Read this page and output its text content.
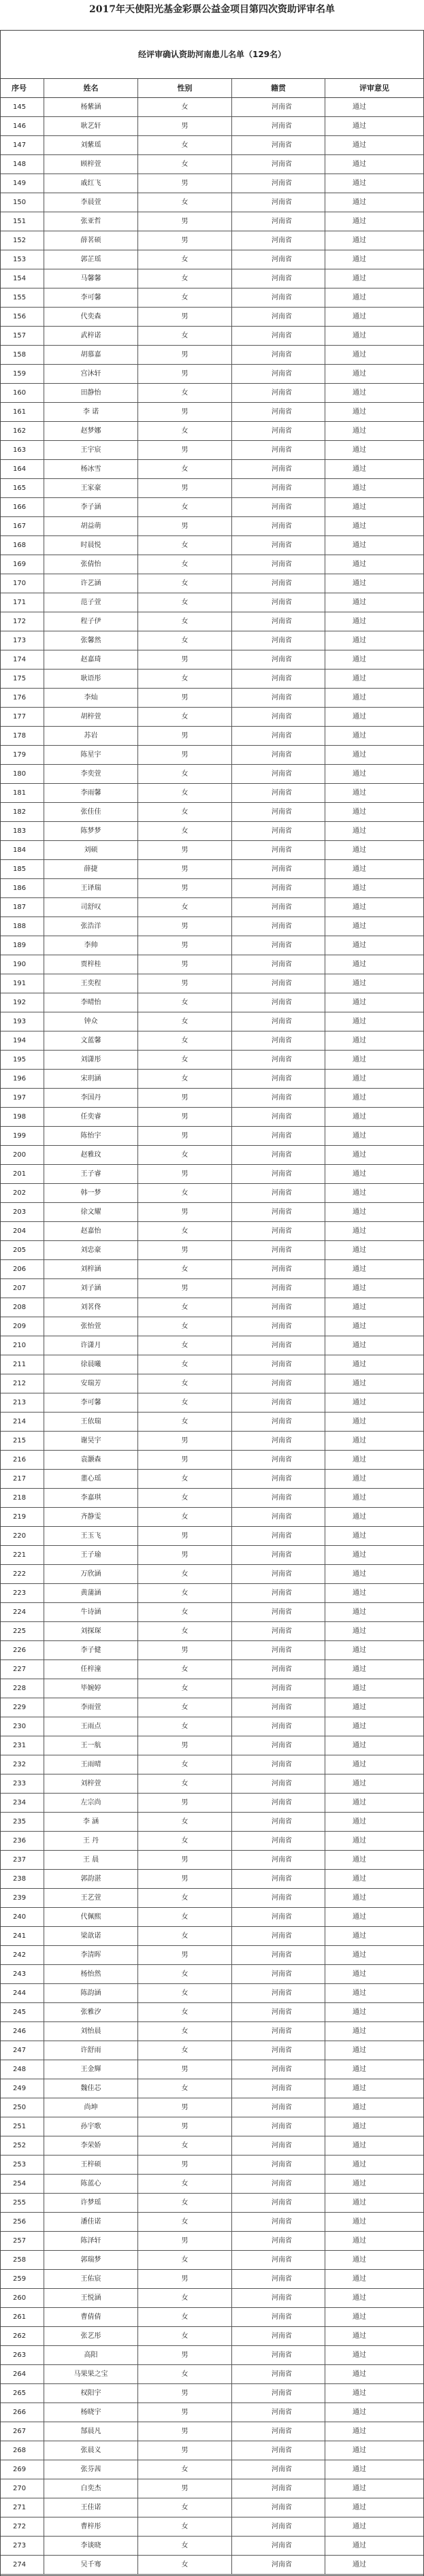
2017年天使阳光基金彩票公益金项目第四次资助评审名单
经评审确认资助河南患儿名单（129名）
序号	姓名	性别	籍贯	评审意见
145	杨紫涵	女	河南省	通过
146	耿艺轩	男	河南省	通过
147	刘紫瑶	女	河南省	通过
148	顾梓萱	女	河南省	通过
149	戚红飞	男	河南省	通过
150	李晨萱	女	河南省	通过
151	张亚哲	男	河南省	通过
152	薛茗硕	男	河南省	通过
153	郭芷瑶	女	河南省	通过
154	马馨馨	女	河南省	通过
155	李可馨	女	河南省	通过
156	代奕森	男	河南省	通过
157	武梓诺	女	河南省	通过
158	胡慕嘉	男	河南省	通过
159	宫沐轩	男	河南省	通过
160	田静怡	女	河南省	通过
161	李 诺	男	河南省	通过
162	赵梦娜	女	河南省	通过
163	王宇宸	男	河南省	通过
164	杨冰雪	女	河南省	通过
165	王家豪	男	河南省	通过
166	李子涵	女	河南省	通过
167	胡益萌	男	河南省	通过
168	时晨悦	女	河南省	通过
169	张倩怡	女	河南省	通过
170	许艺涵	女	河南省	通过
171	范子萱	女	河南省	通过
172	程子伊	女	河南省	通过
173	张馨然	女	河南省	通过
174	赵嘉琦	男	河南省	通过
175	耿语彤	女	河南省	通过
176	李灿	男	河南省	通过
177	胡梓萱	女	河南省	通过
178	苏岩	男	河南省	通过
179	陈星宇	男	河南省	通过
180	李奕萱	女	河南省	通过
181	李雨馨	女	河南省	通过
182	张佳佳	女	河南省	通过
183	陈梦梦	女	河南省	通过
184	刘硕	男	河南省	通过
185	薛捷	男	河南省	通过
186	王译瑞	男	河南省	通过
187	司舒叹	女	河南省	通过
188	张浩洋	男	河南省	通过
189	李帅	男	河南省	通过
190	贾梓桂	男	河南省	通过
191	王奕程	男	河南省	通过
192	李晴怡	女	河南省	通过
193	钟众	女	河南省	通过
194	文蓝馨	女	河南省	通过
195	刘潇彤	女	河南省	通过
196	宋玥涵	女	河南省	通过
197	李国丹	男	河南省	通过
198	任奕睿	男	河南省	通过
199	陈怡宇	男	河南省	通过
200	赵雅玟	女	河南省	通过
201	王子睿	男	河南省	通过
202	韩一梦	女	河南省	通过
203	徐文耀	男	河南省	通过
204	赵嘉怡	女	河南省	通过
205	刘忠豪	男	河南省	通过
206	刘梓涵	女	河南省	通过
207	刘子涵	男	河南省	通过
208	刘茗佟	女	河南省	通过
209	张怡萱	女	河南省	通过
210	许潇月	女	河南省	通过
211	徐晨曦	女	河南省	通过
212	安瑞芳	女	河南省	通过
213	李可馨	女	河南省	通过
214	王依瑞	女	河南省	通过
215	谢昊宇	男	河南省	通过
216	袁灏森	男	河南省	通过
217	董心瑶	女	河南省	通过
218	李嘉琪	女	河南省	通过
219	齐静雯	女	河南省	通过
220	王玉飞	男	河南省	通过
221	王子瑜	男	河南省	通过
222	万欣涵	女	河南省	通过
223	黄蒲涵	女	河南省	通过
224	牛诗涵	女	河南省	通过
225	刘探琛	女	河南省	通过
226	李子健	男	河南省	通过
227	任梓潼	女	河南省	通过
228	毕婉婷	女	河南省	通过
229	李雨萱	女	河南省	通过
230	王雨点	女	河南省	通过
231	王一航	男	河南省	通过
232	王雨晴	女	河南省	通过
233	刘梓萱	女	河南省	通过
234	左宗尚	男	河南省	通过
235	李 涵	女	河南省	通过
236	王 丹	女	河南省	通过
237	王 晨	男	河南省	通过
238	郭韵湛	男	河南省	通过
239	王艺萱	女	河南省	通过
240	代佩熙	女	河南省	通过
241	梁歆诺	女	河南省	通过
242	李清晖	男	河南省	通过
243	杨怡然	女	河南省	通过
244	陈韵涵	女	河南省	通过
245	张雅汐	女	河南省	通过
246	刘怡晨	女	河南省	通过
247	许舒雨	女	河南省	通过
248	王金輝	男	河南省	通过
249	魏佳芯	女	河南省	通过
250	尚坤	男	河南省	通过
251	孙宇歌	男	河南省	通过
252	李荣娇	女	河南省	通过
253	王梓硕	男	河南省	通过
254	陈蓝心	女	河南省	通过
255	许梦瑶	女	河南省	通过
256	潘佳诺	女	河南省	通过
257	陈泽轩	男	河南省	通过
258	郭瑞梦	女	河南省	通过
259	王佑宸	男	河南省	通过
260	王悦涵	女	河南省	通过
261	曹倩倩	女	河南省	通过
262	张艺彤	女	河南省	通过
263	高阳	男	河南省	通过
264	马果果之宝	女	河南省	通过
265	权阳宇	男	河南省	通过
266	杨晓宇	男	河南省	通过
267	郜晨凡	男	河南省	通过
268	张晨义	男	河南省	通过
269	张芬茜	女	河南省	通过
270	白奕杰	男	河南省	通过
271	王佳诺	女	河南省	通过
272	曹梓彤	女	河南省	通过
273	李谈晓	女	河南省	通过
274	吴千骞	女	河南省	通过
